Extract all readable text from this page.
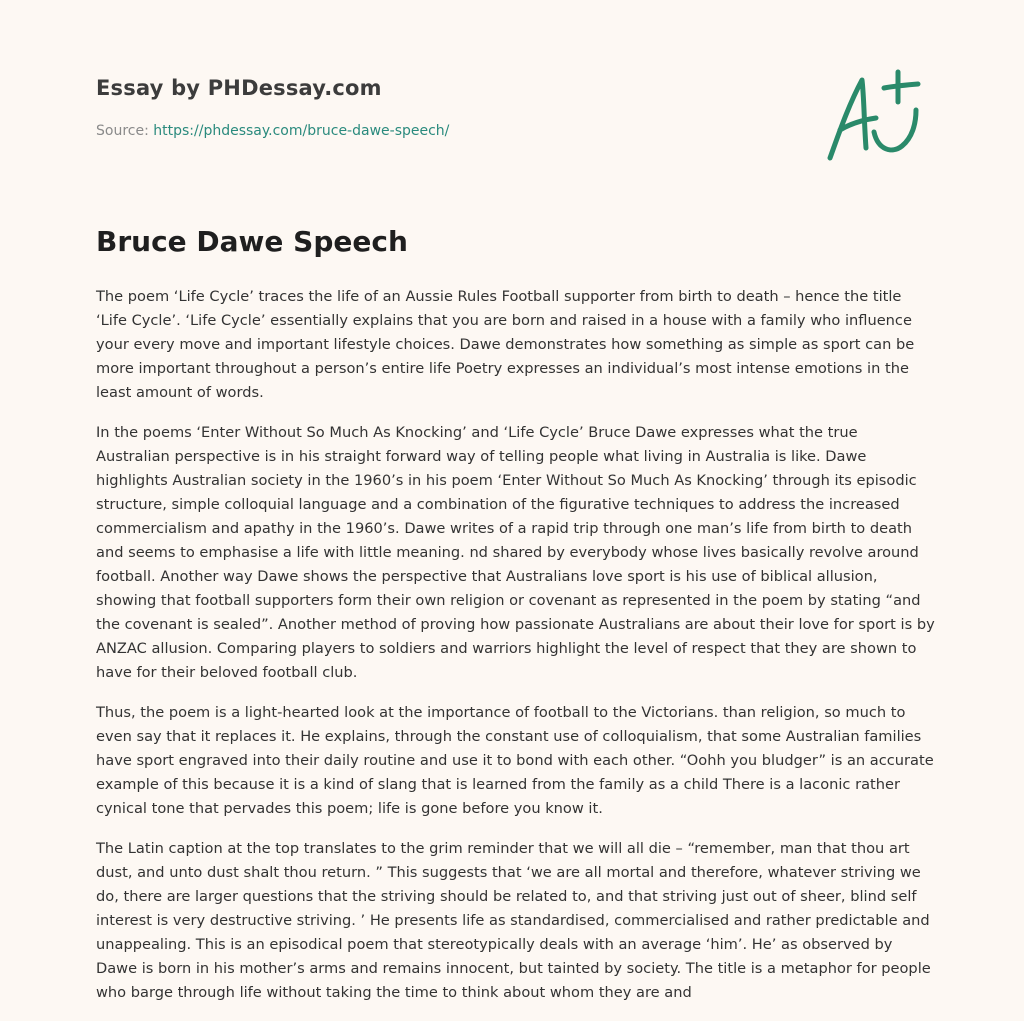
Essay by PHDessay.com
Source: https://phdessay.com/bruce-dawe-speech/
Bruce Dawe Speech

The poem ‘Life Cycle’ traces the life of an Aussie Rules Football supporter from birth to death – hence the title ‘Life Cycle’. ‘Life Cycle’ essentially explains that you are born and raised in a house with a family who influence your every move and important lifestyle choices. Dawe demonstrates how something as simple as sport can be more important throughout a person’s entire life Poetry expresses an individual’s most intense emotions in the least amount of words.

In the poems ‘Enter Without So Much As Knocking’ and ‘Life Cycle’ Bruce Dawe expresses what the true Australian perspective is in his straight forward way of telling people what living in Australia is like. Dawe highlights Australian society in the 1960’s in his poem ‘Enter Without So Much As Knocking’ through its episodic structure, simple colloquial language and a combination of the figurative techniques to address the increased commercialism and apathy in the 1960’s. Dawe writes of a rapid trip through one man’s life from birth to death and seems to emphasise a life with little meaning. nd shared by everybody whose lives basically revolve around football. Another way Dawe shows the perspective that Australians love sport is his use of biblical allusion, showing that football supporters form their own religion or covenant as represented in the poem by stating “and the covenant is sealed”. Another method of proving how passionate Australians are about their love for sport is by ANZAC allusion. Comparing players to soldiers and warriors highlight the level of respect that they are shown to have for their beloved football club.

Thus, the poem is a light-hearted look at the importance of football to the Victorians. than religion, so much to even say that it replaces it. He explains, through the constant use of colloquialism, that some Australian families have sport engraved into their daily routine and use it to bond with each other. “Oohh you bludger” is an accurate example of this because it is a kind of slang that is learned from the family as a child There is a laconic rather cynical tone that pervades this poem; life is gone before you know it.

The Latin caption at the top translates to the grim reminder that we will all die – “remember, man that thou art dust, and unto dust shalt thou return. ” This suggests that ‘we are all mortal and therefore, whatever striving we do, there are larger questions that the striving should be related to, and that striving just out of sheer, blind self interest is very destructive striving. ’ He presents life as standardised, commercialised and rather predictable and unappealing. This is an episodical poem that stereotypically deals with an average ‘him’. He’ as observed by Dawe is born in his mother’s arms and remains innocent, but tainted by society. The title is a metaphor for people who barge through life without taking the time to think about whom they are and
